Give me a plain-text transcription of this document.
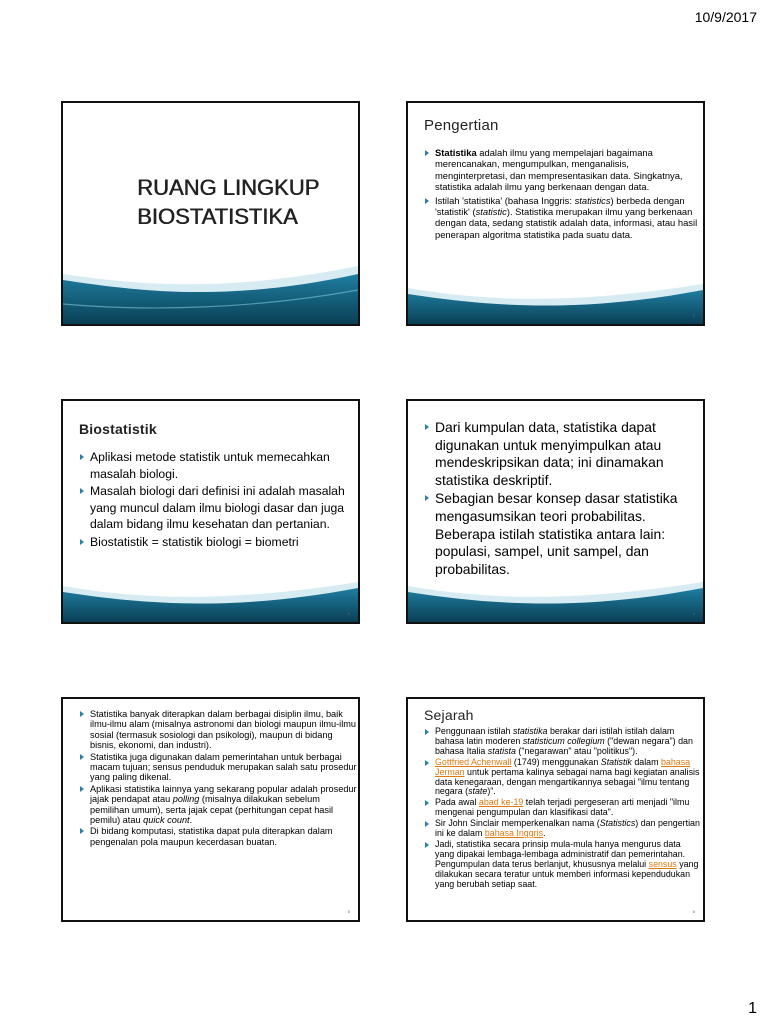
10/9/2017
RUANG LINGKUP
BIOSTATISTIKA
Pengertian
Statistika adalah ilmu yang mempelajari bagaimana merencanakan, mengumpulkan, menganalisis, menginterpretasi, dan mempresentasikan data. Singkatnya, statistika adalah ilmu yang berkenaan dengan data.
Istilah 'statistika' (bahasa Inggris: statistics) berbeda dengan 'statistik' (statistic). Statistika merupakan ilmu yang berkenaan dengan data, sedang statistik adalah data, informasi, atau hasil penerapan algoritma statistika pada suatu data.
2
Biostatistik
Aplikasi metode statistik untuk memecahkan masalah biologi.
Masalah biologi dari definisi ini adalah masalah yang muncul dalam ilmu biologi dasar dan juga dalam bidang ilmu kesehatan dan pertanian.
Biostatistik = statistik biologi = biometri
3
Dari kumpulan data, statistika dapat digunakan untuk menyimpulkan atau mendeskripsikan data; ini dinamakan statistika deskriptif.
Sebagian besar konsep dasar statistika mengasumsikan teori probabilitas. Beberapa istilah statistika antara lain: populasi, sampel, unit sampel, dan probabilitas.
4
Statistika banyak diterapkan dalam berbagai disiplin ilmu, baik ilmu-ilmu alam (misalnya astronomi dan biologi maupun ilmu-ilmu sosial (termasuk sosiologi dan psikologi), maupun di bidang bisnis, ekonomi, dan industri).
Statistika juga digunakan dalam pemerintahan untuk berbagai macam tujuan; sensus penduduk merupakan salah satu prosedur yang paling dikenal.
Aplikasi statistika lainnya yang sekarang popular adalah prosedur jajak pendapat atau polling (misalnya dilakukan sebelum pemilihan umum), serta jajak cepat (perhitungan cepat hasil pemilu) atau quick count.
Di bidang komputasi, statistika dapat pula diterapkan dalam pengenalan pola maupun kecerdasan buatan.
5
Sejarah
Penggunaan istilah statistika berakar dari istilah istilah dalam bahasa latin moderen statisticum collegium ("dewan negara") dan bahasa Italia statista ("negarawan" atau "politikus").
Gottfried Achenwall (1749) menggunakan Statistik dalam bahasa Jerman untuk pertama kalinya sebagai nama bagi kegiatan analisis data kenegaraan, dengan mengartikannya sebagai "ilmu tentang negara (state)".
Pada awal abad ke-19 telah terjadi pergeseran arti menjadi "ilmu mengenai pengumpulan dan klasifikasi data".
Sir John Sinclair memperkenalkan nama (Statistics) dan pengertian ini ke dalam bahasa Inggris.
Jadi, statistika secara prinsip mula-mula hanya mengurus data yang dipakai lembaga-lembaga administratif dan pemerintahan. Pengumpulan data terus berlanjut, khususnya melalui sensus yang dilakukan secara teratur untuk memberi informasi kependudukan yang berubah setiap saat.
6
1
